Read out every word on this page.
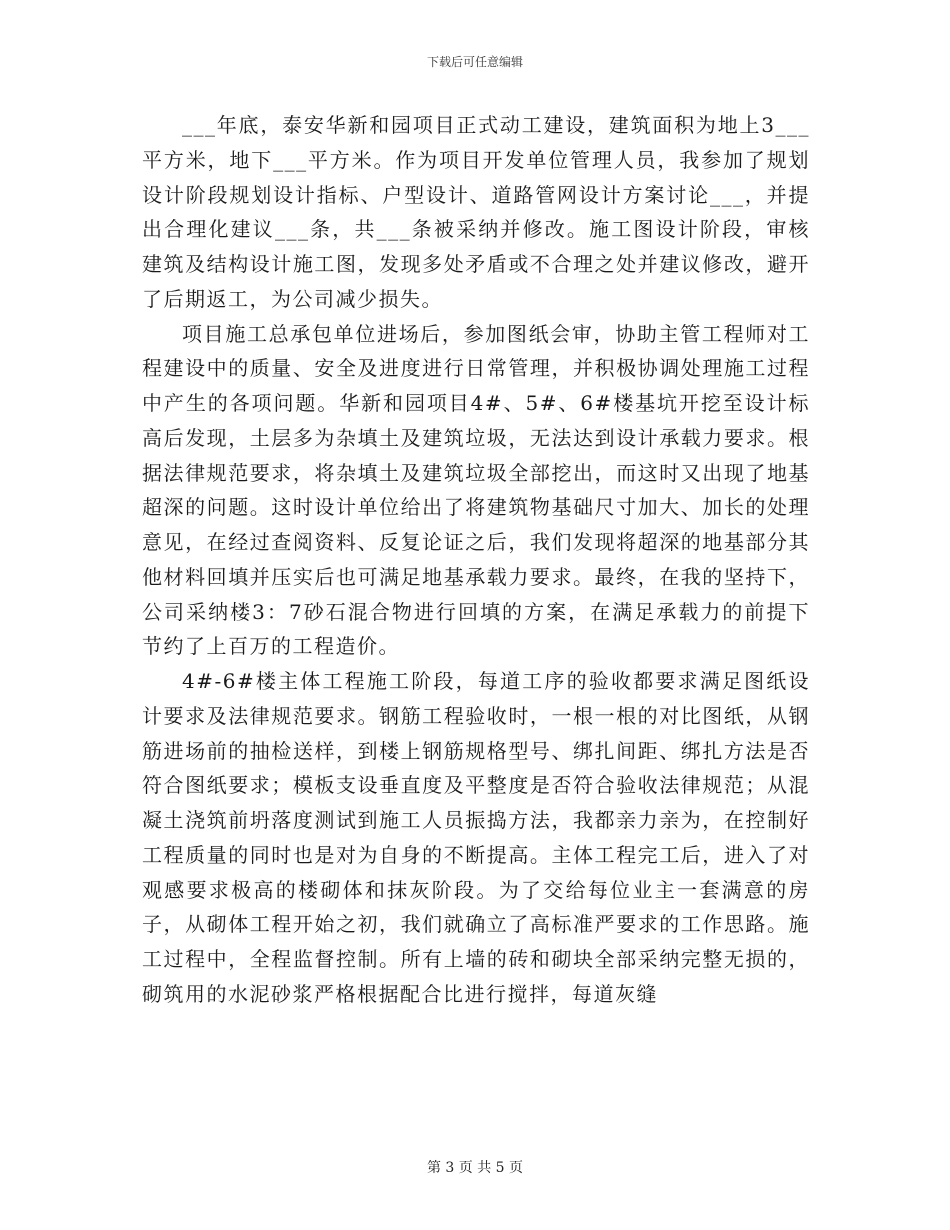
下载后可任意编辑

___年底，泰安华新和园项目正式动工建设，建筑面积为地上3___平方米，地下___平方米。作为项目开发单位管理人员，我参加了规划设计阶段规划设计指标、户型设计、道路管网设计方案讨论___，并提出合理化建议___条，共___条被采纳并修改。施工图设计阶段，审核建筑及结构设计施工图，发现多处矛盾或不合理之处并建议修改，避开了后期返工，为公司减少损失。

项目施工总承包单位进场后，参加图纸会审，协助主管工程师对工程建设中的质量、安全及进度进行日常管理，并积极协调处理施工过程中产生的各项问题。华新和园项目4#、5#、6#楼基坑开挖至设计标高后发现，土层多为杂填土及建筑垃圾，无法达到设计承载力要求。根据法律规范要求，将杂填土及建筑垃圾全部挖出，而这时又出现了地基超深的问题。这时设计单位给出了将建筑物基础尺寸加大、加长的处理意见，在经过查阅资料、反复论证之后，我们发现将超深的地基部分其他材料回填并压实后也可满足地基承载力要求。最终，在我的坚持下，公司采纳楼3：7砂石混合物进行回填的方案，在满足承载力的前提下节约了上百万的工程造价。

4#-6#楼主体工程施工阶段，每道工序的验收都要求满足图纸设计要求及法律规范要求。钢筋工程验收时，一根一根的对比图纸，从钢筋进场前的抽检送样，到楼上钢筋规格型号、绑扎间距、绑扎方法是否符合图纸要求；模板支设垂直度及平整度是否符合验收法律规范；从混凝土浇筑前坍落度测试到施工人员振捣方法，我都亲力亲为，在控制好工程质量的同时也是对为自身的不断提高。主体工程完工后，进入了对观感要求极高的楼砌体和抹灰阶段。为了交给每位业主一套满意的房子，从砌体工程开始之初，我们就确立了高标准严要求的工作思路。施工过程中，全程监督控制。所有上墙的砖和砌块全部采纳完整无损的，砌筑用的水泥砂浆严格根据配合比进行搅拌，每道灰缝

第 3 页 共 5 页
